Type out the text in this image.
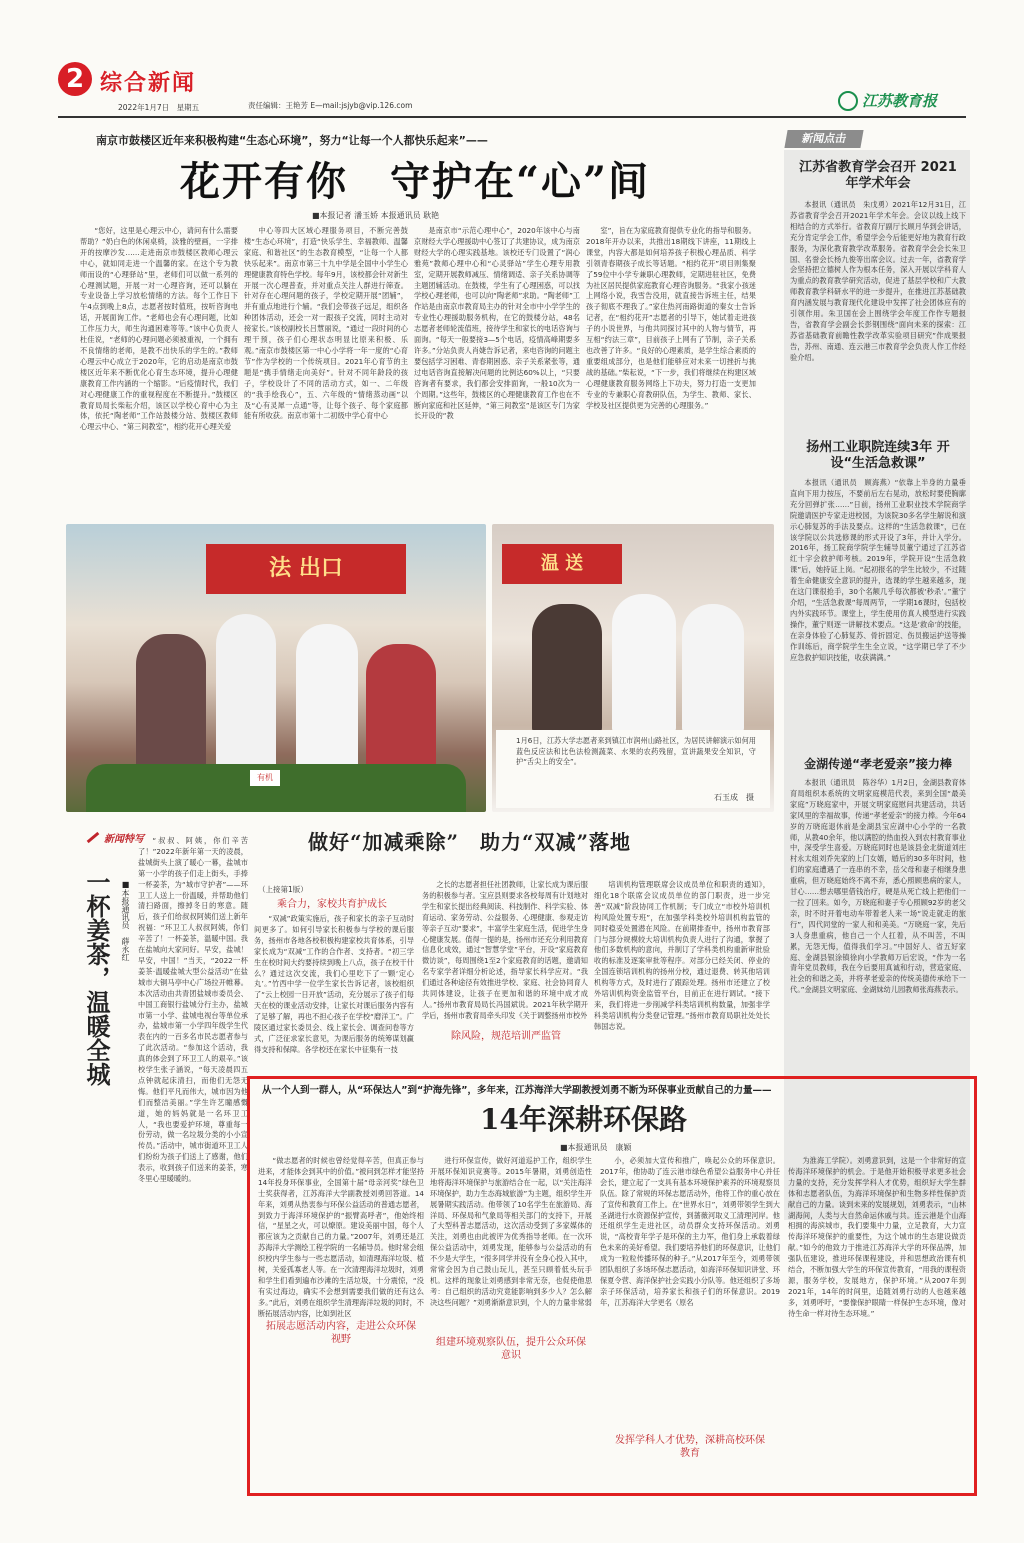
2 综合新闻
2022年1月7日　星期五	责任编辑：王艳芳 E—mail:jsjyb@vip.126.com	江苏教育报
南京市鼓楼区近年来积极构建“生态心环境”，努力“让每一个人都快乐起来”——
花开有你　守护在“心”间
■本报记者 潘玉娇 本报通讯员 耿艳

“您好，这里是心理云中心，请问有什么需要帮助？”奶白色的休闲桌椅，淡雅的壁画，一字排开的按摩沙发……走进南京市鼓楼区教师心理云中心，就如同走进一个温馨的家。在这个专为教师而设的“心理驿站”里，老师们可以做一系列的心理测试题，开展一对一心理咨询，还可以躺在专业设备上学习放松情绪的方法。每个工作日下午4点到晚上8点，志愿者按时值班，按听咨询电话，开展面询工作。“老师也会有心理问题，比如工作压力大，师生沟通困难等等。”该中心负责人杜佳说，“老师的心理问题必须被重视，一个拥有不良情绪的老师，是教不出快乐的学生的。”教师心理云中心成立于2020年，它的启动是南京市鼓楼区近年来不断优化心育生态环境，提升心理健康教育工作内涵的一个缩影。“后疫情时代，我们对心理健康工作的重视程度在不断提升。”鼓楼区教育局局长柴耘介绍，该区以学校心育中心为主体，依托“陶老师”工作站鼓楼分站、鼓楼区教师心理云中心、“第三间教室”，相约花开心理关爱

中心等四大区域心理服务项目，不断完善鼓楼“生态心环境”，打造“快乐学生、幸福教师、温馨家庭、和谐社区”的生态教育模型，“让每一个人都快乐起来”。南京市第三十九中学是全国中小学生心理健康教育特色学校。每年9月，该校都会针对新生开展一次心理普查，并对重点关注人群进行筛查。针对存在心理问题的孩子，学校定期开展“团辅”，并有重点地进行个辅。“我们会带孩子远足，组织各种团体活动，还会一对一跟孩子交流，同时主动对接家长。”该校副校长吕慧丽说，“通过一段时间的心理干预，孩子们心理状态明显比原来积极、乐观。”南京市鼓楼区第一中心小学将一年一度的“心育节”作为学校的一个传统项目。2021年心育节的主题是“携手情绪走向美好”。针对不同年龄段的孩子，学校设计了不同的活动方式，如一、二年级的“我手绘我心”，五、六年级的“情绪蒸动画”以及“心有灵犀一点通”等，让每个孩子、每个家庭都能有所收获。南京市第十二初级中学心育中心

是南京市“示范心理中心”，2020年该中心与南京财经大学心理援助中心签订了共建协议，成为南京财经大学的心理实践基地。该校还专门设置了“润心雅苑”教师心理中心和“心灵驿站”学生心理专用教室，定期开展教师减压、情绪调适、亲子关系协调等主题团辅活动。在鼓楼，学生有了心理困惑，可以找学校心理老师，也可以向“陶老师”求助。“陶老师”工作站是由南京市教育局主办的针对全市中小学学生的专业性心理援助服务机构，在它的鼓楼分站，48名志愿者老师轮流值班，接待学生和家长的电话咨询与面询。“每天一般要接3—5个电话，疫情高峰期要多许多。”分站负责人肖婕告诉记者，来电咨询的问题主要包括学习困难、青春期困惑、亲子关系紧张等，通过电话咨询直接解决问题的比例达60%以上，“只要咨询者有要求，我们都会安排面询，一般10次为一个周期。”这些年，鼓楼区的心理健康教育工作也在不断向家庭和社区延伸，“第三间教室”是该区专门为家长开设的“教

室”，旨在为家庭教育提供专业化的指导和服务。2018年开办以来，共推出18期线下讲座，11期线上课堂，内容大都是如何培养孩子积极心理品质、科学引领青春期孩子成长等话题。“相约花开”项目则集聚了59位中小学专兼职心理教师，定期进驻社区，免费为社区居民提供家庭教育心理咨询服务。“我家小孩迷上网络小说，我雪告没用，就直接告诉班主任，结果孩子彻底不理我了。”家住热河南路街道的秦女士告诉记者，在“相约花开”志愿者的引导下，她试着走进孩子的小说世界，与他共同探讨其中的人物与情节，再互相“约法三章”，目前孩子上网有了节制，亲子关系也改善了许多。“良好的心理素质，是学生综合素质的重要组成部分，也是他们能够应对未来一切挫折与挑战的基础。”柴耘说，“下一步，我们将继续在构建区域心理健康教育服务网络上下功夫，努力打造一支更加专业的专兼职心育教研队伍，为学生、教师、家长、学校及社区提供更为完善的心理服务。”

法 出口	温 送
1月6日，江苏大学志愿者来到镇江市润州山路社区，为居民讲解演示如何用蓝色反应法和比色法检测蔬菜、水果的农药残留，宣讲蔬果安全知识，守护“舌尖上的安全”。
石玉成　摄
有机
新闻点击
江苏省教育学会召开 2021年学术年会

本报讯（通讯员　朱戊勇）2021年12月31日，江苏省教育学会召开2021年学术年会。会议以线上线下相结合的方式举行。省教育厅副厅长顾月华到会讲话，充分肯定学会工作，希望学会今后能更好地为教育行政服务，为深化教育教学改革服务。省教育学会会长朱卫国、名誉会长杨九俊等出席会议。过去一年，省教育学会坚持把立德树人作为根本任务，深入开展以学科育人为重点的教育教学研究活动，促进了基层学校和广大教师教育教学科研水平的进一步提升，在推进江苏基础教育内涵发展与教育现代化建设中发挥了社会团体应有的引领作用。朱卫国在会上围绕学会年度工作作专题报告，省教育学会副会长彭钢围绕“面向未来的探索：江苏省基础教育前瞻性教学改革实验项目研究”作成果报告，苏州、南通、连云港三市教育学会负责人作工作经验介绍。

扬州工业职院连续3年 开设“生活急救课”

本报讯（通讯员　顾海燕）“依靠上半身的力量垂直向下用力按压，不要前后左右晃动，放松时要使胸廓充分回弹扩张……”日前，扬州工业职业技术学院商学院邀请医护专家走进校园，为该院30多名学生解说和演示心肺复苏的手法及要点。这样的“生活急救课”，已在该学院以公共选修课的形式开设了3年，并计入学分。2016年，扬工院商学院学生辅导员董宁通过了江苏省红十字会救护师考核。2019年，学院开设“生活急救课”后，她持证上岗。“起初报名的学生比较少，不过随着生命健康安全意识的提升，选课的学生越来越多，现在这门课很抢手，30个名额几乎每次都被‘秒杀’。”董宁介绍，“生活急救课”每周两节，一学期16课时，包括校内外实践环节。课堂上，学生使用仿真人模型进行实践操作，董宁则逐一讲解技术要点。“这是‘救命’的技能，在亲身体验了心肺复苏、骨折固定、伤员搬运护送等操作训练后，商学院学生生全立说，“这学期已学了不少应急救护知识技能，收获满满。”

金湖传递“孝老爱亲”接力棒

本报讯（通讯员　陈谷华）1月2日，金湖县教育体育局组织本系统的文明家庭模范代表，来到全国“最美家庭”万晓庭家中，开展文明家庭慰问共建活动，共话家风里的幸福故事，传递“孝老爱亲”的接力棒。今年64岁的万晓庭退休前是金湖县宝应湖中心小学的一名教师，从教40余年，他以满腔的热血投入到农村教育事业中，深受学生喜爱。万晓庭同时也是该县金北街道刘庄村永太组刘乔先家的上门女婿，婚后的30多年时间，他们的家庭遭遇了一连串的不幸，岳父母和妻子相继身患重病，但万晓庭始终不离不弃，悉心照顾患病的家人，甘心……想去哪里借钱治疗，硬是从死亡线上把他们一一拉了回来。如今，万晓庭和妻子专心照顾92岁的老父亲，时不时开着电动车带着老人来一场“说走就走的旅行”，四代同堂的一家人和和美美。“万晓庭一家，先后3人身患重病，他自己一个人扛着，从不叫苦，不叫累，无怨无悔，值得我们学习。”中国好人、省五好家庭、金湖县银涂镇徐向小学教师万后宏说，“作为一名青年党员教师，我在今后要用真诚和行动，营造家庭、社会的和谐之美，并将孝老爱亲的传统美德传承给下一代。”金湖县文明家庭、金湖妹幼儿园教师张海燕表示。

新闻特写
一杯姜茶，温暖全城	■本报通讯员　薛永红

“叔叔、阿姨，你们辛苦了！”2022年新年第一天的凌晨，盐城街头上演了暖心一幕，盐城市第一小学的孩子们走上街头，手捧一杯姜茶，为“城市守护者”——环卫工人送上一份温暖，并帮助他们清扫路面，擦掉冬日的寒意。随后，孩子们给叔叔阿姨们送上新年祝福：“环卫工人叔叔阿姨，你们辛苦了！一杯姜茶，温暖中国。我在盐城向大家问好。早安，盐城！早安，中国！”当天，“2022一杯姜茶·温暖盐城大型公益活动”在盐城市大铜马亭中心广场拉开帷幕。本次活动由共青团盐城市委员会、中国工商银行盐城分行主办，盐城市第一小学、盐城电视台等单位承办，盐城市第一小学四年级学生代表在内的一百多名市民志愿者参与了此次活动。“参加这个活动，我真的体会到了环卫工人的艰辛。”该校学生张子涵说，“每天凌晨四五点钟就起床清扫，而他们无怨无悔。他们平凡而伟大，城市因为他们而整洁美丽。”学生许艺瞳感慨道，她的妈妈就是一名环卫工人，“我也要爱护环境，尊重每一份劳动，做一名垃圾分类的小小宣传员。”活动中，城市街道环卫工人们纷纷为孩子们送上了感谢，他们表示，收到孩子们送来的姜茶，寒冬里心里暖暖的。

做好“加减乘除”　助力“双减”落地
（上接第1版）
乘合力，家校共育护成长

“双减”政策实施后，孩子和家长的亲子互动时间更多了。如何引导家长积极参与学校的课后服务，扬州市各地各校积极构建家校共育体系，引导家长成为“双减”工作的合作者、支持者。“初三学生在校时间大约要持续到晚上八点，孩子在校干什么？通过这次交流，我们心里吃下了一颗‘定心丸’。”竹西中学一位学生家长告诉记者，该校组织了“云上校园一日开放”活动，充分展示了孩子们每天在校的课业活动安排，让家长对课后服务内容有了足够了解，再也不担心孩子在学校“磨洋工”。广陵区通过家长委员会、线上家长会、调查问卷等方式，广泛征求家长意见，为课后服务的统筹谋划赢得支持和保障。各学校还在家长中征集有一技

之长的志愿者担任社团教师，让家长成为课后服务的积极参与者。宝应县则要求各校每周有计划地对学生和家长提出经典阅读、科技制作、科学实验、体育运动、家务劳动、公益服务、心理健康、参观走访等亲子互动“要求”，丰富学生家庭生活，促进学生身心健康发展。值得一提的是，扬州市还充分利用教育信息化成效，通过“智慧学堂”平台，开设“家庭教育微访谈”，每周围绕1至2个家庭教育的话题，邀请知名专家学者详细分析论述，指导家长科学应对。“我们通过各种途径有效推进学校、家庭、社会协同育人共同体建设，让孩子在更加和谐的环境中成才成人。”扬州市教育局局长冯国斌说。2021年秋学期开学后，扬州市教育局牵头印发《关于调整扬州市校外

除风险，规范培训严监管

培训机构管理联席会议成员单位和职责的通知》，细化18个联席会议成员单位的部门职责，进一步完善“双减”阶段协同工作机制；专门成立“市校外培训机构风险处置专班”，在加强学科类校外培训机构监管的同时稳妥处置潜在风险。在前期排查中，扬州市教育部门与部分规模较大培训机构负责人进行了沟通，掌握了他们多数机构的意向，并制订了学科类机构重新审批验收的标准及逐案审批等程序。对部分已经关闭、停业的全国连锁培训机构的扬州分校，通过退费、转其他培训机构等方式，及时进行了跟踪处理。扬州市还建立了校外培训机构资金监管平台，目前正在进行调试。“接下来，我们将进一步削减学科类培训机构数量，加强非学科类培训机构分类登记管理。”扬州市教育局职社处处长韩国志说。

从一个人到一群人，从“环保达人”到“护海先锋”，多年来，江苏海洋大学副教授刘勇不断为环保事业贡献自己的力量——
14年深耕环保路
■本报通讯员　康颖

“做志愿者的时候也曾经觉得辛苦，但真正参与进来，才能体会到其中的价值。”被问到怎样才能坚持14年投身环保事业，全国第十届“母亲河奖”绿色卫士奖获得者，江苏海洋大学副教授刘勇回答道。14年来，刘勇从热衷参与环保公益活动的普通志愿者，到致力于海洋环境保护的“振臂高呼者”，他始终相信，“星星之火，可以燎原。建设美丽中国，每个人都应该为之贡献自己的力量。”2007年，刘勇还是江苏海洋大学测绘工程学院的一名辅导员。他时常会组织校内学生参与一些志愿活动，如清理海洋垃圾、植树，关爱孤寡老人等。在一次清理海洋垃圾时，刘勇和学生们看到遍布沙滩的生活垃圾，十分震惊，“没有实过海边，确实不会想到需要我们做的还有这么多。”此后，刘勇在组织学生清理海洋垃圾的同时，不断拓展活动内容，比如到社区

拓展志愿活动内容，走进公众环保视野

进行环保宣传，做好河道巡护工作，组织学生开展环保知识竞赛等。2015年暑期，刘勇创造性地将海洋环境保护与旅游结合在一起，以“关注海洋环境保护，助力生态海城旅游”为主题，组织学生开展暑期实践活动。他带领了10名学生在旅游局、海洋局、环保局和气象局等相关部门的支持下，开展了大型科普志愿活动，这次活动受到了多家媒体的关注，刘勇也由此被评为优秀指导老师。在一次环保公益活动中，刘勇发现，能够参与公益活动的有不少是大学生，“很多同学并没有全身心投入其中，常常会因为自己鼓山玩儿，甚至只顾着低头玩手机。这样的现象让刘勇感到非常无奈，也促使他思考：自己组织的活动究竟能影响到多少人？怎么解决这些问题？”刘勇渐渐意识到，个人的力量非常弱

组建环境观察队伍，提升公众环保意识

小，必须加大宣传和推广，唤起公众的环保意识。2017年，他协助了连云港市绿色希望公益服务中心并任会长，建立起了一支具有基本环境保护素养的环境观察员队伍。除了常规的环保志愿活动外，他将工作的重心放在了宣传和教育工作上。在“世界水日”，刘勇带领学生到大圣湖进行水资源保护宣传，到蔷薇河取义工清理河岸。他还组织学生走进社区，动员群众支持环保活动。刘勇说，“高校青年学子是环保的主力军，他们身上承载着绿色未来的美好希望。我们要培养他们的环保意识，让他们成为一粒粒传播环保的种子。”从2017年至今，刘勇带领团队组织了多场环保志愿活动，如海洋环保知识讲堂、环保夏令营、海洋保护社会实践小分队等。他还组织了多场亲子环保活动，培养家长和孩子们的环保意识。2019年，江苏海洋大学更名（原名

发挥学科人才优势，深耕高校环保教育

为淮海工学院）。刘勇意识到，这是一个非常好的宣传海洋环境保护的机会。于是他开始积极寻求更多社会力量的支持，充分发挥学科人才优势，组织好大学生群体和志愿者队伍，为海洋环境保护和生物多样性保护贡献自己的力量。谈到未来的发展规划，刘勇表示，“山林湖海间，人类与大自然命运休戚与共。连云港是个山海相拥的海滨城市，我们要集中力量，立足教育，大力宣传海洋环境保护的重要性，为这个城市的生态建设做贡献。”如今的他致力于推进江苏海洋大学的环保品牌，加强队伍建设，推进环保课程建设，并和思想政治课有机结合，不断加强大学生的环保宣传教育，“用我的课程资源，服务学校，发展地方，保护环境。”从2007年到2021年，14年的时间里，追随刘勇行动的人也越来越多，刘勇呼吁，“要像保护眼睛一样保护生态环境，像对待生命一样对待生态环境。”
